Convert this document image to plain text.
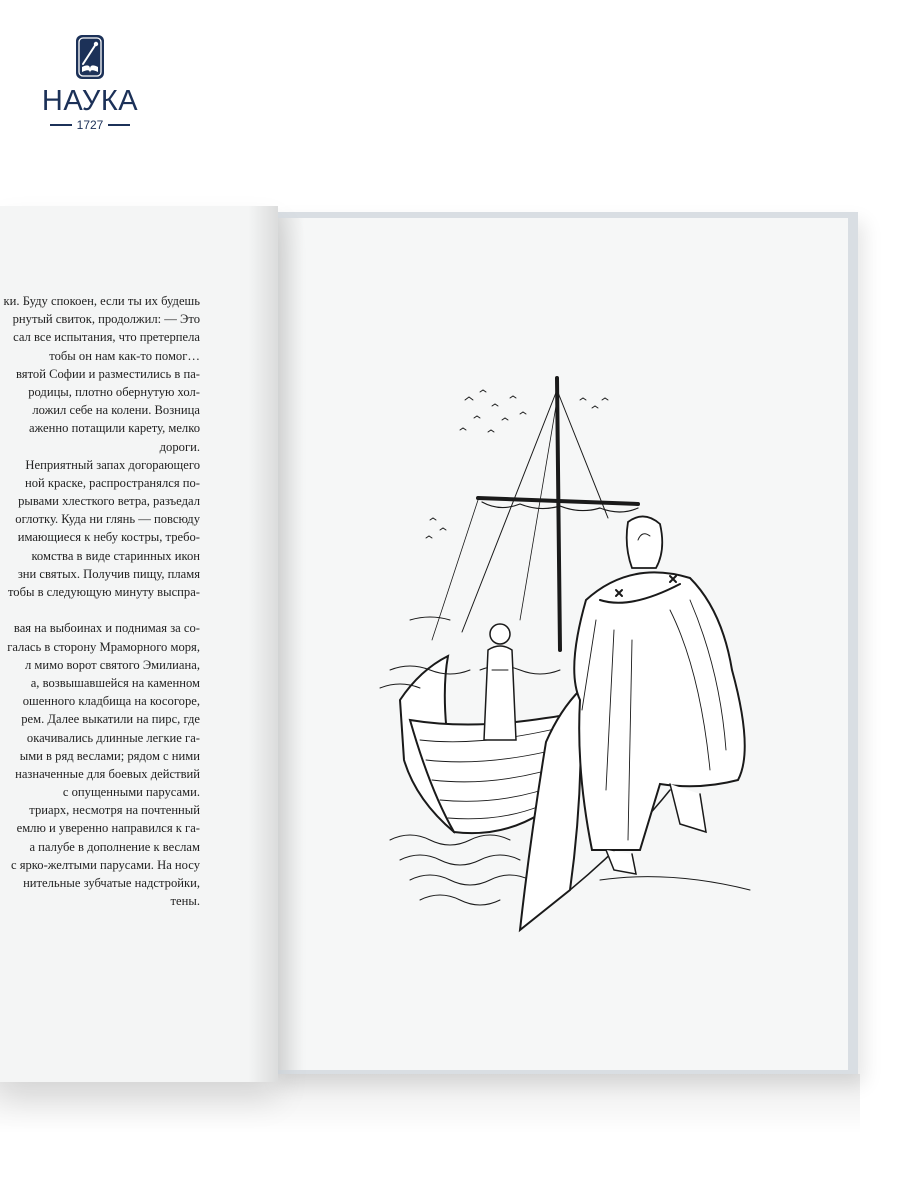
НАУКА
1727
ки. Буду спокоен, если ты их будешь
рнутый свиток, продолжил: — Это
сал все испытания, что претерпела
тобы он нам как-то помог…
вятой Софии и разместились в па-
родицы, плотно обернутую хол-
ложил себе на колени. Возница
аженно потащили карету, мелко
дороги.
Неприятный запах догорающего
ной краске, распространялся по-
рывами хлесткого ветра, разъедал
оглотку. Куда ни глянь — повсюду
имающиеся к небу костры, требо-
комства в виде старинных икон
зни святых. Получив пищу, пламя
тобы в следующую минуту выспра-
вая на выбоинах и поднимая за со-
галась в сторону Мраморного моря,
л мимо ворот святого Эмилиана,
а, возвышавшейся на каменном
ошенного кладбища на косогоре,
рем. Далее выкатили на пирс, где
окачивались длинные легкие га-
ыми в ряд веслами; рядом с ними
назначенные для боевых действий
с опущенными парусами.
триарх, несмотря на почтенный
емлю и уверенно направился к га-
а палубе в дополнение к веслам
с ярко-желтыми парусами. На носу
нительные зубчатые надстройки,
тены.
